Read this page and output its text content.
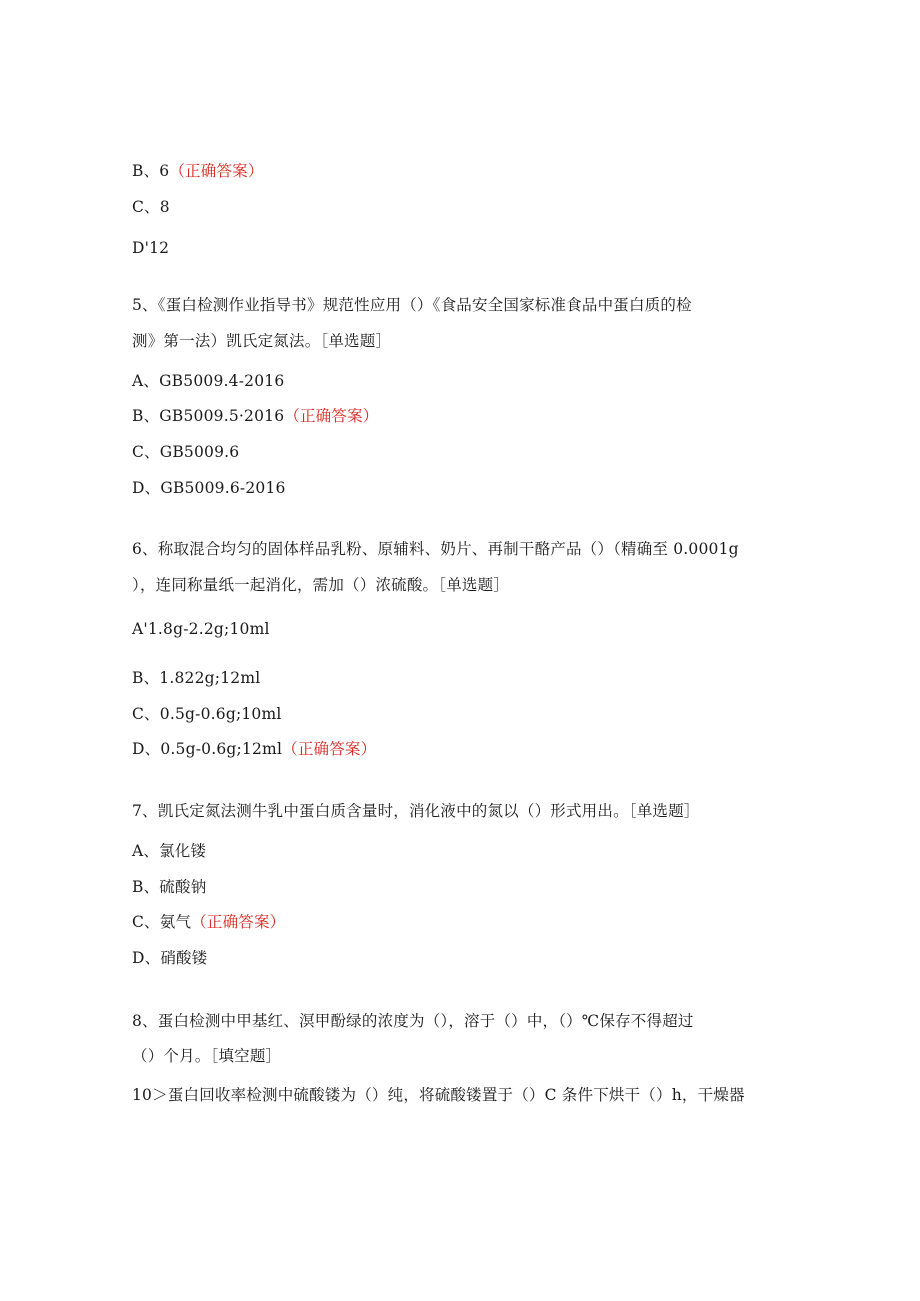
B、6（正确答案）
C、8
D'12
5、《蛋白检测作业指导书》规范性应用（）《食品安全国家标准食品中蛋白质的检
测》第一法）凯氏定氮法。［单选题］
A、GB5009.4-2016
B、GB5009.5·2016（正确答案）
C、GB5009.6
D、GB5009.6-2016
6、称取混合均匀的固体样品乳粉、原辅料、奶片、再制干酪产品（）（精确至 0.0001g
），连同称量纸一起消化，需加（）浓硫酸。［单选题］
A'1.8g-2.2g;10ml
B、1.822g;12ml
C、0.5g-0.6g;10ml
D、0.5g-0.6g;12ml（正确答案）
7、凯氏定氮法测牛乳中蛋白质含量时，消化液中的氮以（）形式用出。［单选题］
A、氯化镂
B、硫酸钠
C、氨气（正确答案）
D、硝酸镂
8、蛋白检测中甲基红、溟甲酚绿的浓度为（），溶于（）中，（）℃保存不得超过
（）个月。［填空题］
10＞蛋白回收率检测中硫酸镂为（）纯，将硫酸镂置于（）C 条件下烘干（）h，干燥器
